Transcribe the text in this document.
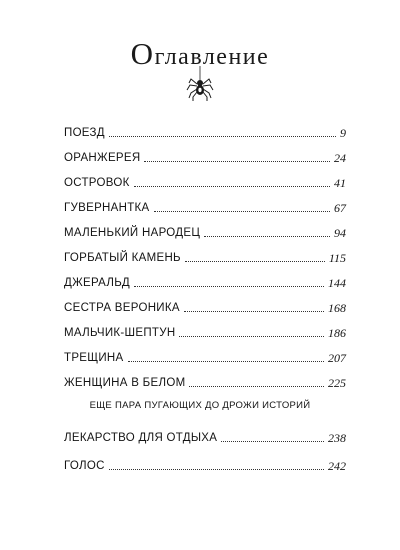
Оглавление
ПОЕЗД	9
ОРАНЖЕРЕЯ	24
ОСТРОВОК	41
ГУВЕРНАНТКА	67
МАЛЕНЬКИЙ НАРОДЕЦ	94
ГОРБАТЫЙ КАМЕНЬ	115
ДЖЕРАЛЬД	144
СЕСТРА ВЕРОНИКА	168
МАЛЬЧИК-ШЕПТУН	186
ТРЕЩИНА	207
ЖЕНЩИНА В БЕЛОМ	225
ЛЕКАРСТВО ДЛЯ ОТДЫХА	238
ГОЛОС	242
ЕЩЕ ПАРА ПУГАЮЩИХ ДО ДРОЖИ ИСТОРИЙ
